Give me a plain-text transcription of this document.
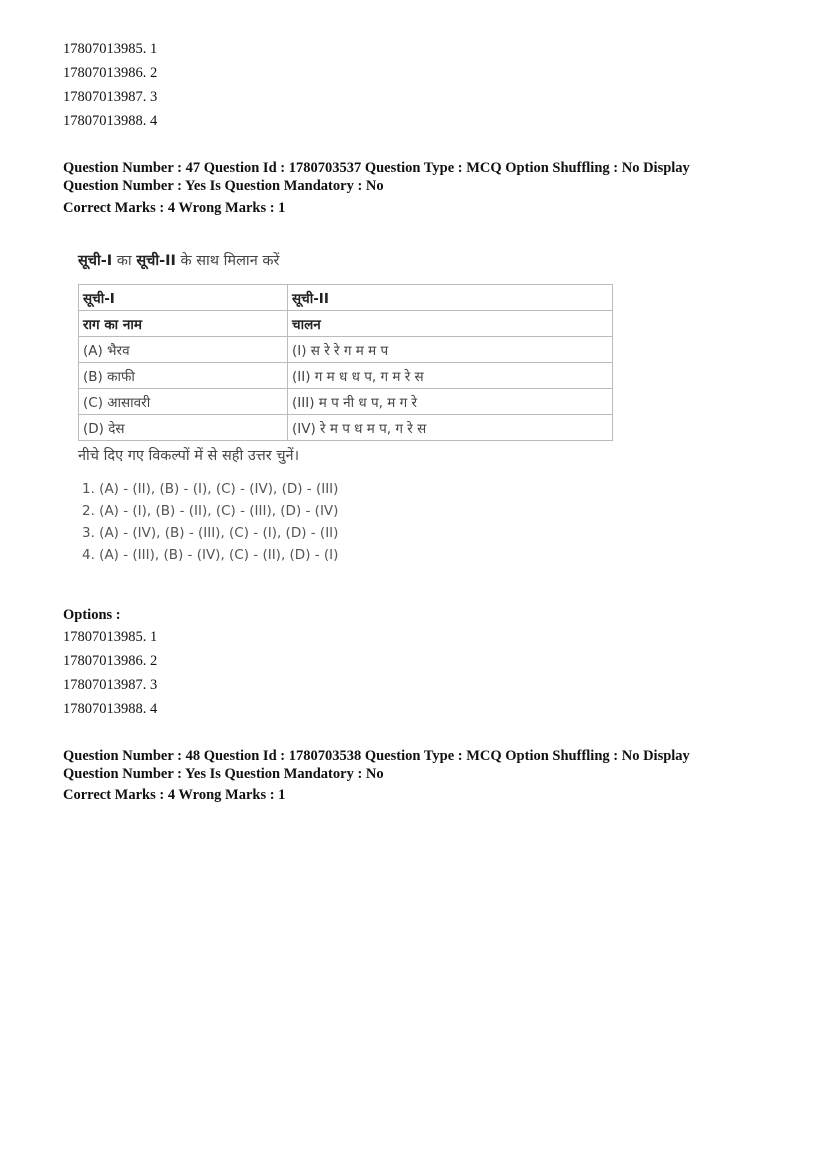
17807013985. 1
17807013986. 2
17807013987. 3
17807013988. 4
Question Number : 47 Question Id : 1780703537 Question Type : MCQ Option Shuffling : No Display
Question Number : Yes Is Question Mandatory : No
Correct Marks : 4 Wrong Marks : 1
सूची-I का सूची-II के साथ मिलान करें
सूची-I	सूची-II
राग का नाम	चालन
(A) भैरव	(I) स रे रे ग म म प
(B) काफी	(II) ग म ध ध प, ग म रे स
(C) आसावरी	(III) म प नी ध प, म ग रे
(D) देस	(IV) रे म प ध म प, ग रे स
नीचे दिए गए विकल्पों में से सही उत्तर चुनें।
1. (A) - (II), (B) - (I), (C) - (IV), (D) - (III)
2. (A) - (I), (B) - (II), (C) - (III), (D) - (IV)
3. (A) - (IV), (B) - (III), (C) - (I), (D) - (II)
4. (A) - (III), (B) - (IV), (C) - (II), (D) - (I)
Options :
17807013985. 1
17807013986. 2
17807013987. 3
17807013988. 4
Question Number : 48 Question Id : 1780703538 Question Type : MCQ Option Shuffling : No Display
Question Number : Yes Is Question Mandatory : No
Correct Marks : 4 Wrong Marks : 1
